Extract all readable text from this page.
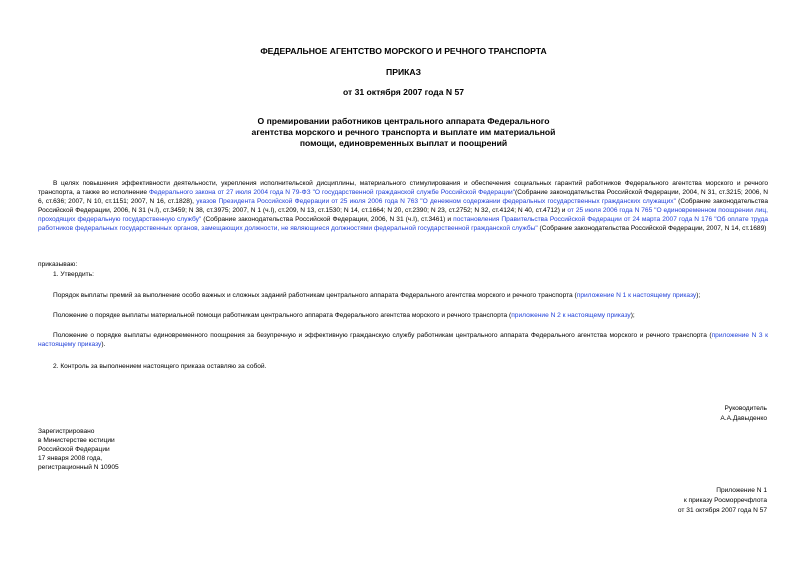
ФЕДЕРАЛЬНОЕ АГЕНТСТВО МОРСКОГО И РЕЧНОГО ТРАНСПОРТА
ПРИКАЗ
от 31 октября 2007 года N 57
О премировании работников центрального аппарата Федерального
агентства морского и речного транспорта и выплате им материальной
помощи, единовременных выплат и поощрений
В целях повышения эффективности деятельности, укрепления исполнительской дисциплины, материального стимулирования и обеспечения социальных гарантий работников Федерального агентства морского и речного транспорта, а также во исполнение Федерального закона от 27 июля 2004 года N 79-ФЗ "О государственной гражданской службе Российской Федерации"(Собрание законодательства Российской Федерации, 2004, N 31, ст.3215; 2006, N 6, ст.636; 2007, N 10, ст.1151; 2007, N 16, ст.1828), указов Президента Российской Федерации от 25 июля 2006 года N 763 "О денежном содержании федеральных государственных гражданских служащих" (Собрание законодательства Российской Федерации, 2006, N 31 (ч.I), ст.3459; N 38, ст.3975; 2007, N 1 (ч.I), ст.209, N 13, ст.1530; N 14, ст.1664; N 20, ст.2390; N 23, ст.2752; N 32, ст.4124; N 40, ст.4712) и от 25 июля 2006 года N 765 "О единовременном поощрении лиц, проходящих федеральную государственную службу" (Собрание законодательства Российской Федерации, 2006, N 31 (ч.I), ст.3461) и постановления Правительства Российской Федерации от 24 марта 2007 года N 176 "Об оплате труда работников федеральных государственных органов, замещающих должности, не являющиеся должностями федеральной государственной гражданской службы" (Собрание законодательства Российской Федерации, 2007, N 14, ст.1689)
приказываю:
1. Утвердить:
Порядок выплаты премий за выполнение особо важных и сложных заданий работникам центрального аппарата Федерального агентства морского и речного транспорта (приложение N 1 к настоящему приказу);
Положение о порядке выплаты материальной помощи работникам центрального аппарата Федерального агентства морского и речного транспорта (приложение N 2 к настоящему приказу);
Положение о порядке выплаты единовременного поощрения за безупречную и эффективную гражданскую службу работникам центрального аппарата Федерального агентства морского и речного транспорта (приложение N 3 к настоящему приказу).
2. Контроль за выполнением настоящего приказа оставляю за собой.
Руководитель
А.А.Давыденко
Зарегистрировано
в Министерстве юстиции
Российской Федерации
17 января 2008 года,
регистрационный N 10905
Приложение N 1
к приказу Росморречфлота
от 31 октября 2007 года N 57
